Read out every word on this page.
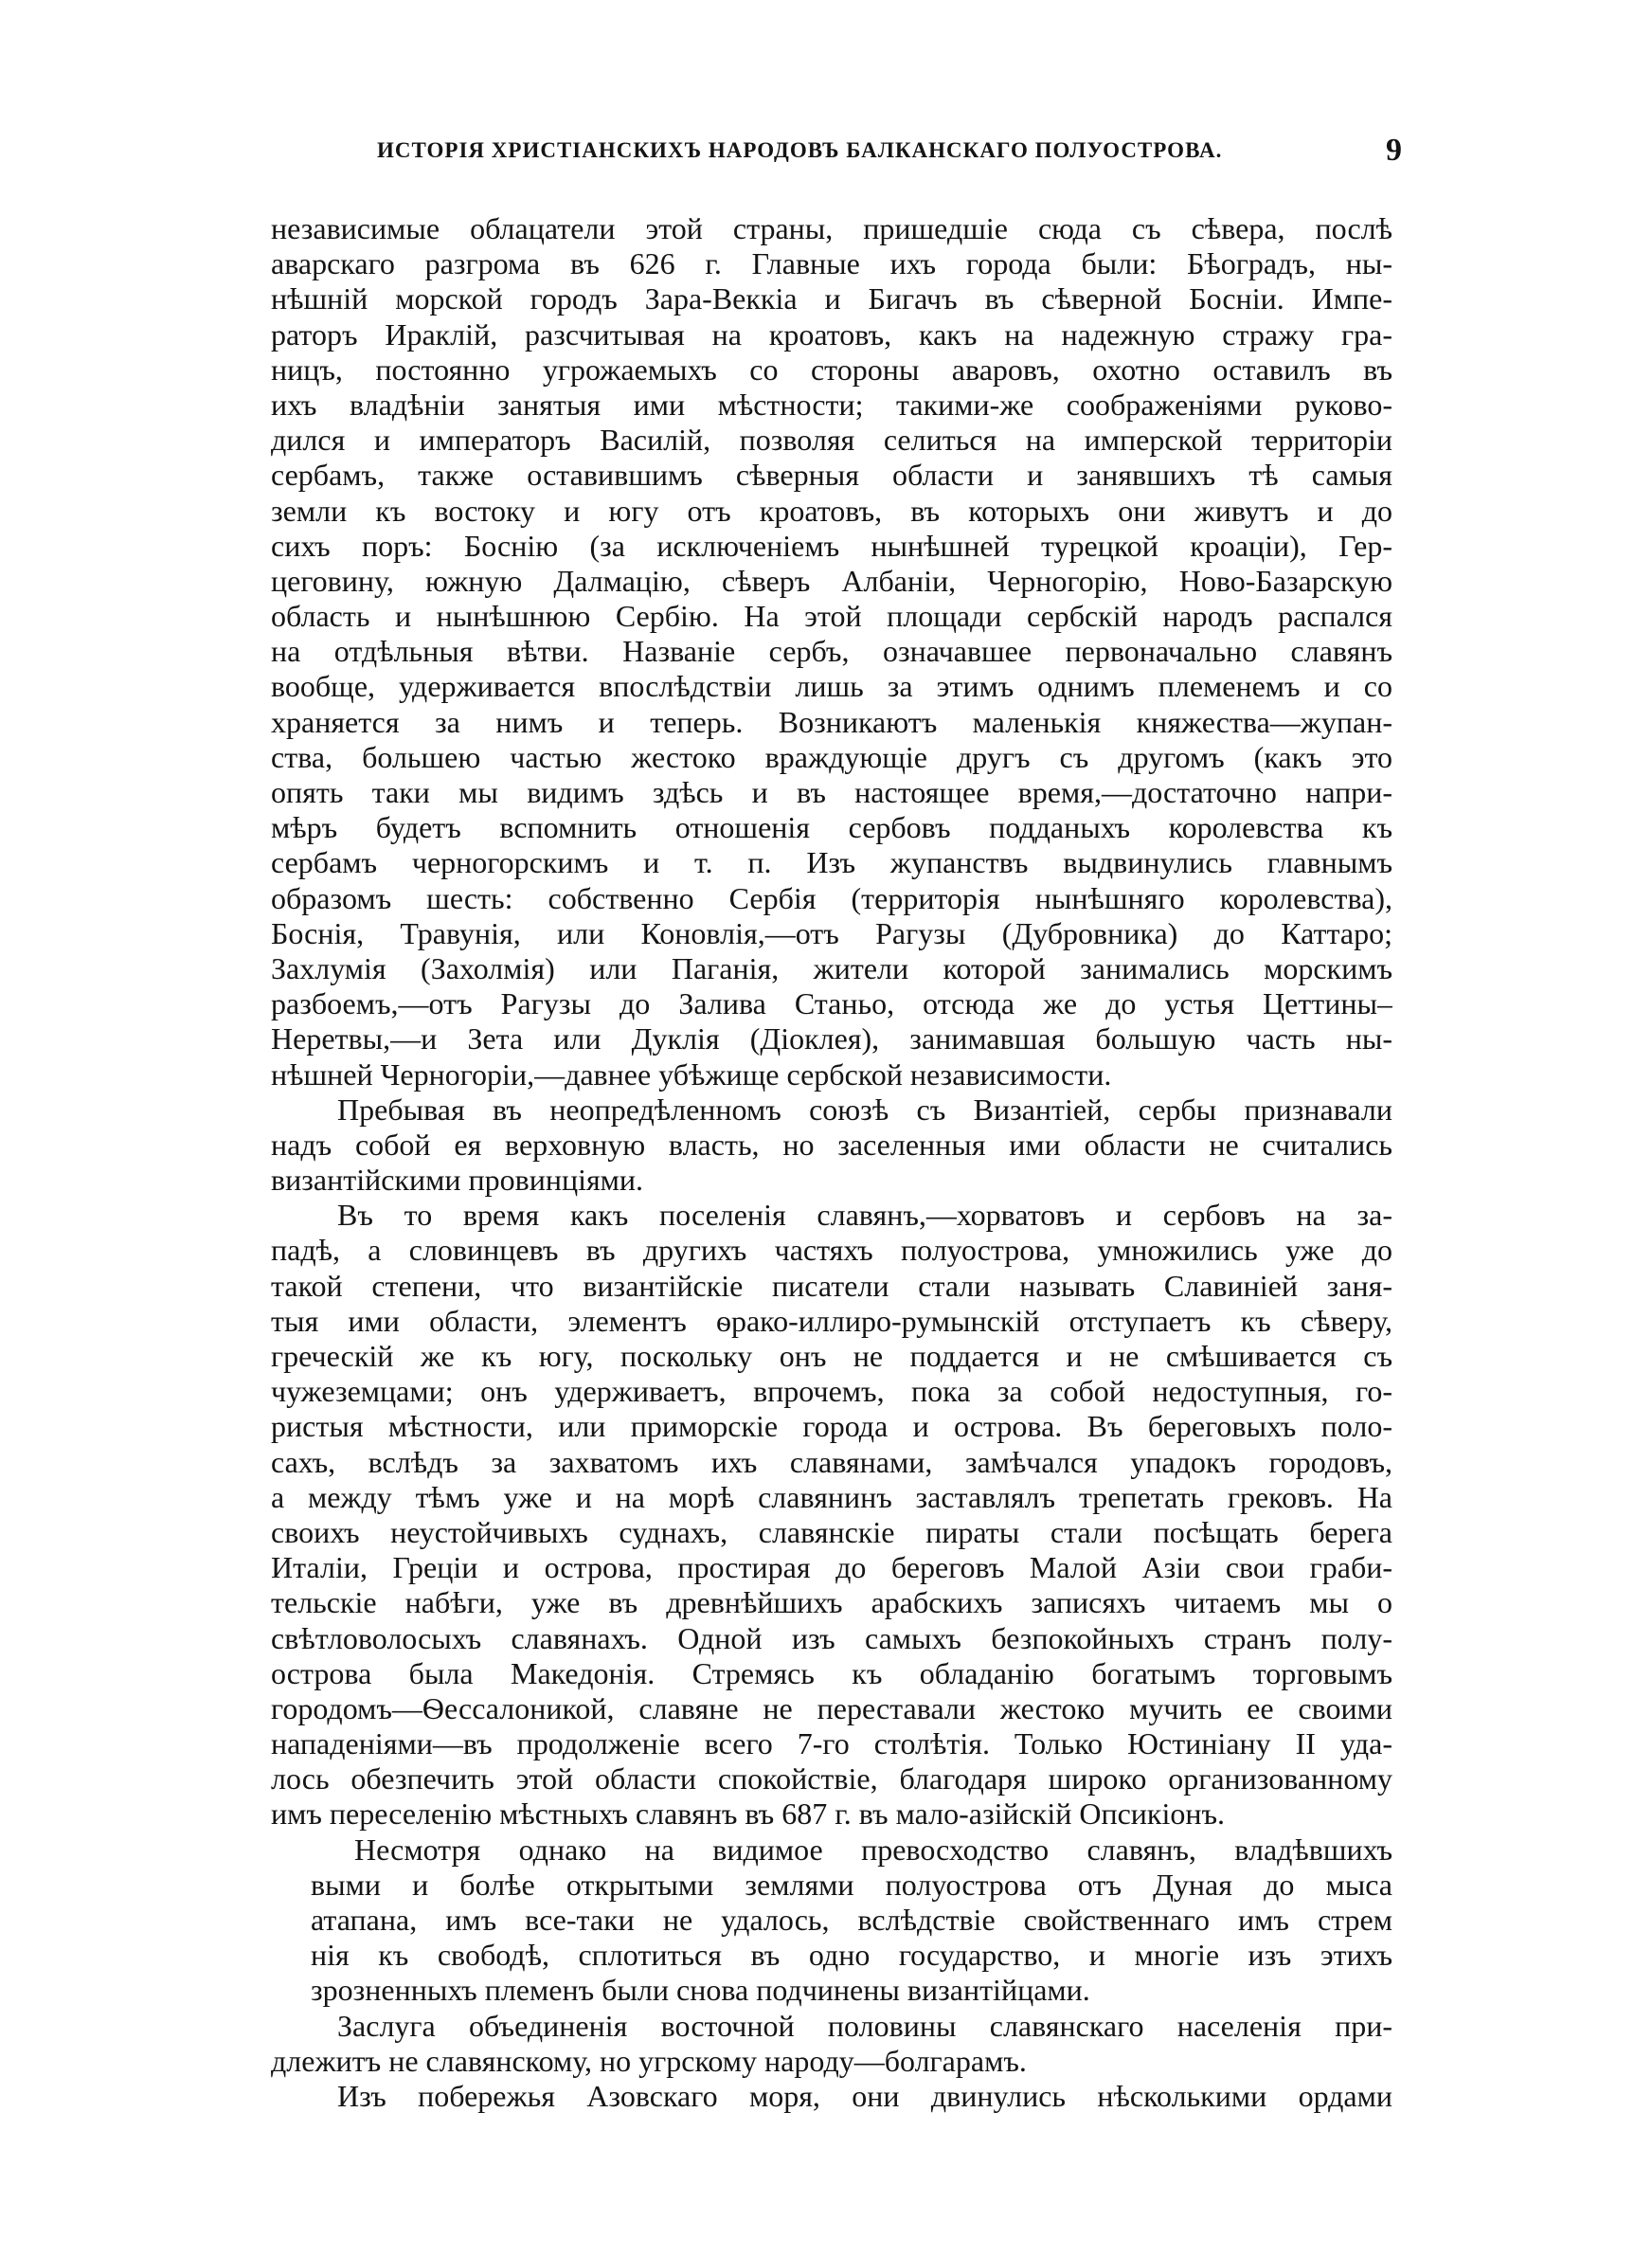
ИСТОРІЯ ХРИСТІАНСКИХЪ НАРОДОВЪ БАЛКАНСКАГО ПОЛУОСТРОВА.	9
независимые облацатели этой страны, пришедшіе сюда съ сѣвера, послѣ
аварскаго разгрома въ 626 г. Главные ихъ города были: Бѣоградъ, ны-
нѣшній морской городъ Зара-Веккіа и Бигачъ въ сѣверной Босніи. Импе-
раторъ Ираклій, разсчитывая на кроатовъ, какъ на надежную стражу гра-
ницъ, постоянно угрожаемыхъ со стороны аваровъ, охотно оставилъ въ
ихъ владѣніи занятыя ими мѣстности; такими-же соображеніями руково-
дился и императоръ Василій, позволяя селиться на имперской территоріи
сербамъ, также оставившимъ сѣверныя области и занявшихъ тѣ самыя
земли къ востоку и югу отъ кроатовъ, въ которыхъ они живутъ и до
сихъ поръ: Боснію (за исключеніемъ нынѣшней турецкой кроаціи), Гер-
цеговину, южную Далмацію, сѣверъ Албаніи, Черногорію, Ново-Базарскую
область и нынѣшнюю Сербію. На этой площади сербскій народъ распался
на отдѣльныя вѣтви. Названіе сербъ, означавшее первоначально славянъ
вообще, удерживается впослѣдствіи лишь за этимъ однимъ племенемъ и со
храняется за нимъ и теперь. Возникаютъ маленькія княжества—жупан-
ства, большею частью жестоко враждующіе другъ съ другомъ (какъ это
опять таки мы видимъ здѣсь и въ настоящее время,—достаточно напри-
мѣръ будетъ вспомнить отношенія сербовъ подданыхъ королевства къ
сербамъ черногорскимъ и т. п. Изъ жупанствъ выдвинулись главнымъ
образомъ шесть: собственно Сербія (территорія нынѣшняго королевства),
Боснія, Травунія, или Коновлія,—отъ Рагузы (Дубровника) до Каттаро;
Захлумія (Захолмія) или Паганія, жители которой занимались морскимъ
разбоемъ,—отъ Рагузы до Залива Станьо, отсюда же до устья Цеттины–
Неретвы,—и Зета или Дуклія (Діоклея), занимавшая большую часть ны-
нѣшней Черногоріи,—давнее убѣжище сербской независимости.
Пребывая въ неопредѣленномъ союзѣ съ Византіей, сербы признавали
надъ собой ея верховную власть, но заселенныя ими области не считались
византійскими провинціями.
Въ то время какъ поселенія славянъ,—хорватовъ и сербовъ на за-
падѣ, а словинцевъ въ другихъ частяхъ полуострова, умножились уже до
такой степени, что византійскіе писатели стали называть Славиніей заня-
тыя ими области, элементъ ѳрако-иллиро-румынскій отступаетъ къ сѣверу,
греческій же къ югу, поскольку онъ не поддается и не смѣшивается съ
чужеземцами; онъ удерживаетъ, впрочемъ, пока за собой недоступныя, го-
ристыя мѣстности, или приморскіе города и острова. Въ береговыхъ поло-
сахъ, вслѣдъ за захватомъ ихъ славянами, замѣчался упадокъ городовъ,
а между тѣмъ уже и на морѣ славянинъ заставлялъ трепетать грековъ. На
своихъ неустойчивыхъ суднахъ, славянскіе пираты стали посѣщать берега
Италіи, Греціи и острова, простирая до береговъ Малой Азіи свои граби-
тельскіе набѣги, уже въ древнѣйшихъ арабскихъ записяхъ читаемъ мы о
свѣтловолосыхъ славянахъ. Одной изъ самыхъ безпокойныхъ странъ полу-
острова была Македонія. Стремясь къ обладанію богатымъ торговымъ
городомъ—Ѳессалоникой, славяне не переставали жестоко мучить ее своими
нападеніями—въ продолженіе всего 7-го столѣтія. Только Юстиніану II уда-
лось обезпечить этой области спокойствіе, благодаря широко организованному
имъ переселенію мѣстныхъ славянъ въ 687 г. въ мало-азійскій Опсикіонъ.
Несмотря однако на видимое превосходство славянъ, владѣвшихъ
выми и болѣе открытыми землями полуострова отъ Дуная до мыса
атапана, имъ все-таки не удалось, вслѣдствіе свойственнаго имъ стрем
нія къ свободѣ, сплотиться въ одно государство, и многіе изъ этихъ
зрозненныхъ племенъ были снова подчинены византійцами.
Заслуга объединенія восточной половины славянскаго населенія при-
длежитъ не славянскому, но угрскому народу—болгарамъ.
Изъ побережья Азовскаго моря, они двинулись нѣсколькими ордами
